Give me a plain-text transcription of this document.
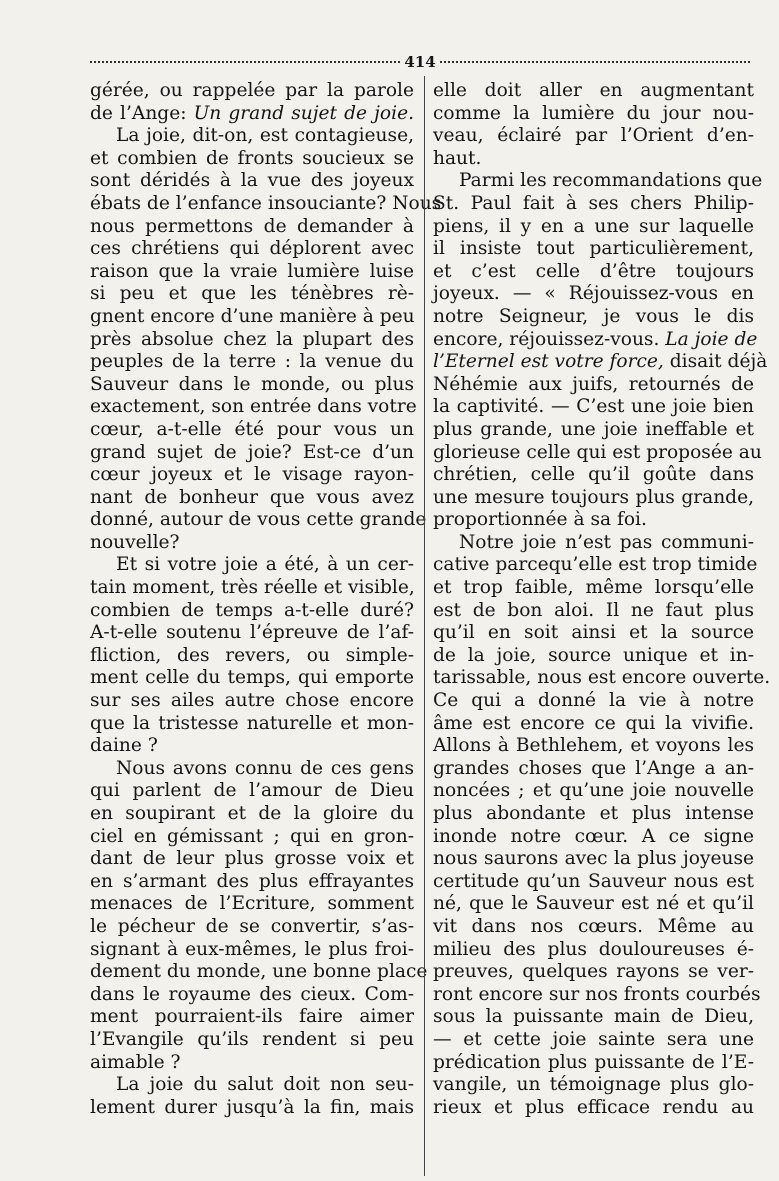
414
gérée, ou rappelée par la parole
de l’Ange: Un grand sujet de joie.
La joie, dit-on, est contagieuse,
et combien de fronts soucieux se
sont déridés à la vue des joyeux
ébats de l’enfance insouciante? Nous
nous permettons de demander à
ces chrétiens qui déplorent avec
raison que la vraie lumière luise
si peu et que les ténèbres rè-
gnent encore d’une manière à peu
près absolue chez la plupart des
peuples de la terre : la venue du
Sauveur dans le monde, ou plus
exactement, son entrée dans votre
cœur, a-t-elle été pour vous un
grand sujet de joie? Est-ce d’un
cœur joyeux et le visage rayon-
nant de bonheur que vous avez
donné, autour de vous cette grande
nouvelle?
Et si votre joie a été, à un cer-
tain moment, très réelle et visible,
combien de temps a-t-elle duré?
A-t-elle soutenu l’épreuve de l’af-
fliction, des revers, ou simple-
ment celle du temps, qui emporte
sur ses ailes autre chose encore
que la tristesse naturelle et mon-
daine ?
Nous avons connu de ces gens
qui parlent de l’amour de Dieu
en soupirant et de la gloire du
ciel en gémissant ; qui en gron-
dant de leur plus grosse voix et
en s’armant des plus effrayantes
menaces de l’Ecriture, somment
le pécheur de se convertir, s’as-
signant à eux-mêmes, le plus froi-
dement du monde, une bonne place
dans le royaume des cieux. Com-
ment pourraient-ils faire aimer
l’Evangile qu’ils rendent si peu
aimable ?
La joie du salut doit non seu-
lement durer jusqu’à la fin, mais
elle doit aller en augmentant
comme la lumière du jour nou-
veau, éclairé par l’Orient d’en-
haut.
Parmi les recommandations que
St. Paul fait à ses chers Philip-
piens, il y en a une sur laquelle
il insiste tout particulièrement,
et c’est celle d’être toujours
joyeux. — « Réjouissez-vous en
notre Seigneur, je vous le dis
encore, réjouissez-vous. La joie de
l’Eternel est votre force, disait déjà
Néhémie aux juifs, retournés de
la captivité. — C’est une joie bien
plus grande, une joie ineffable et
glorieuse celle qui est proposée au
chrétien, celle qu’il goûte dans
une mesure toujours plus grande,
proportionnée à sa foi.
Notre joie n’est pas communi-
cative parcequ’elle est trop timide
et trop faible, même lorsqu’elle
est de bon aloi. Il ne faut plus
qu’il en soit ainsi et la source
de la joie, source unique et in-
tarissable, nous est encore ouverte.
Ce qui a donné la vie à notre
âme est encore ce qui la vivifie.
Allons à Bethlehem, et voyons les
grandes choses que l’Ange a an-
noncées ; et qu’une joie nouvelle
plus abondante et plus intense
inonde notre cœur. A ce signe
nous saurons avec la plus joyeuse
certitude qu’un Sauveur nous est
né, que le Sauveur est né et qu’il
vit dans nos cœurs. Même au
milieu des plus douloureuses é-
preuves, quelques rayons se ver-
ront encore sur nos fronts courbés
sous la puissante main de Dieu,
— et cette joie sainte sera une
prédication plus puissante de l’E-
vangile, un témoignage plus glo-
rieux et plus efficace rendu au
